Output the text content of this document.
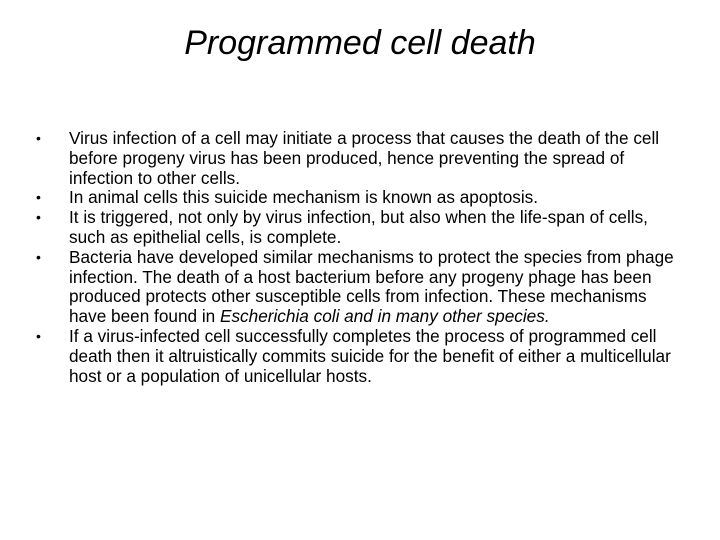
Programmed cell death
•	Virus infection of a cell may initiate a process that causes the death of the cell before progeny virus has been produced, hence preventing the spread of infection to other cells.
•	In animal cells this suicide mechanism is known as apoptosis.
•	It is triggered, not only by virus infection, but also when the life-span of cells, such as epithelial cells, is complete.
•	Bacteria have developed similar mechanisms to protect the species from phage infection. The death of a host bacterium before any progeny phage has been produced protects other susceptible cells from infection. These mechanisms have been found in Escherichia coli and in many other species.
•	If a virus-infected cell successfully completes the process of programmed cell death then it altruistically commits suicide for the benefit of either a multicellular host or a population of unicellular hosts.
